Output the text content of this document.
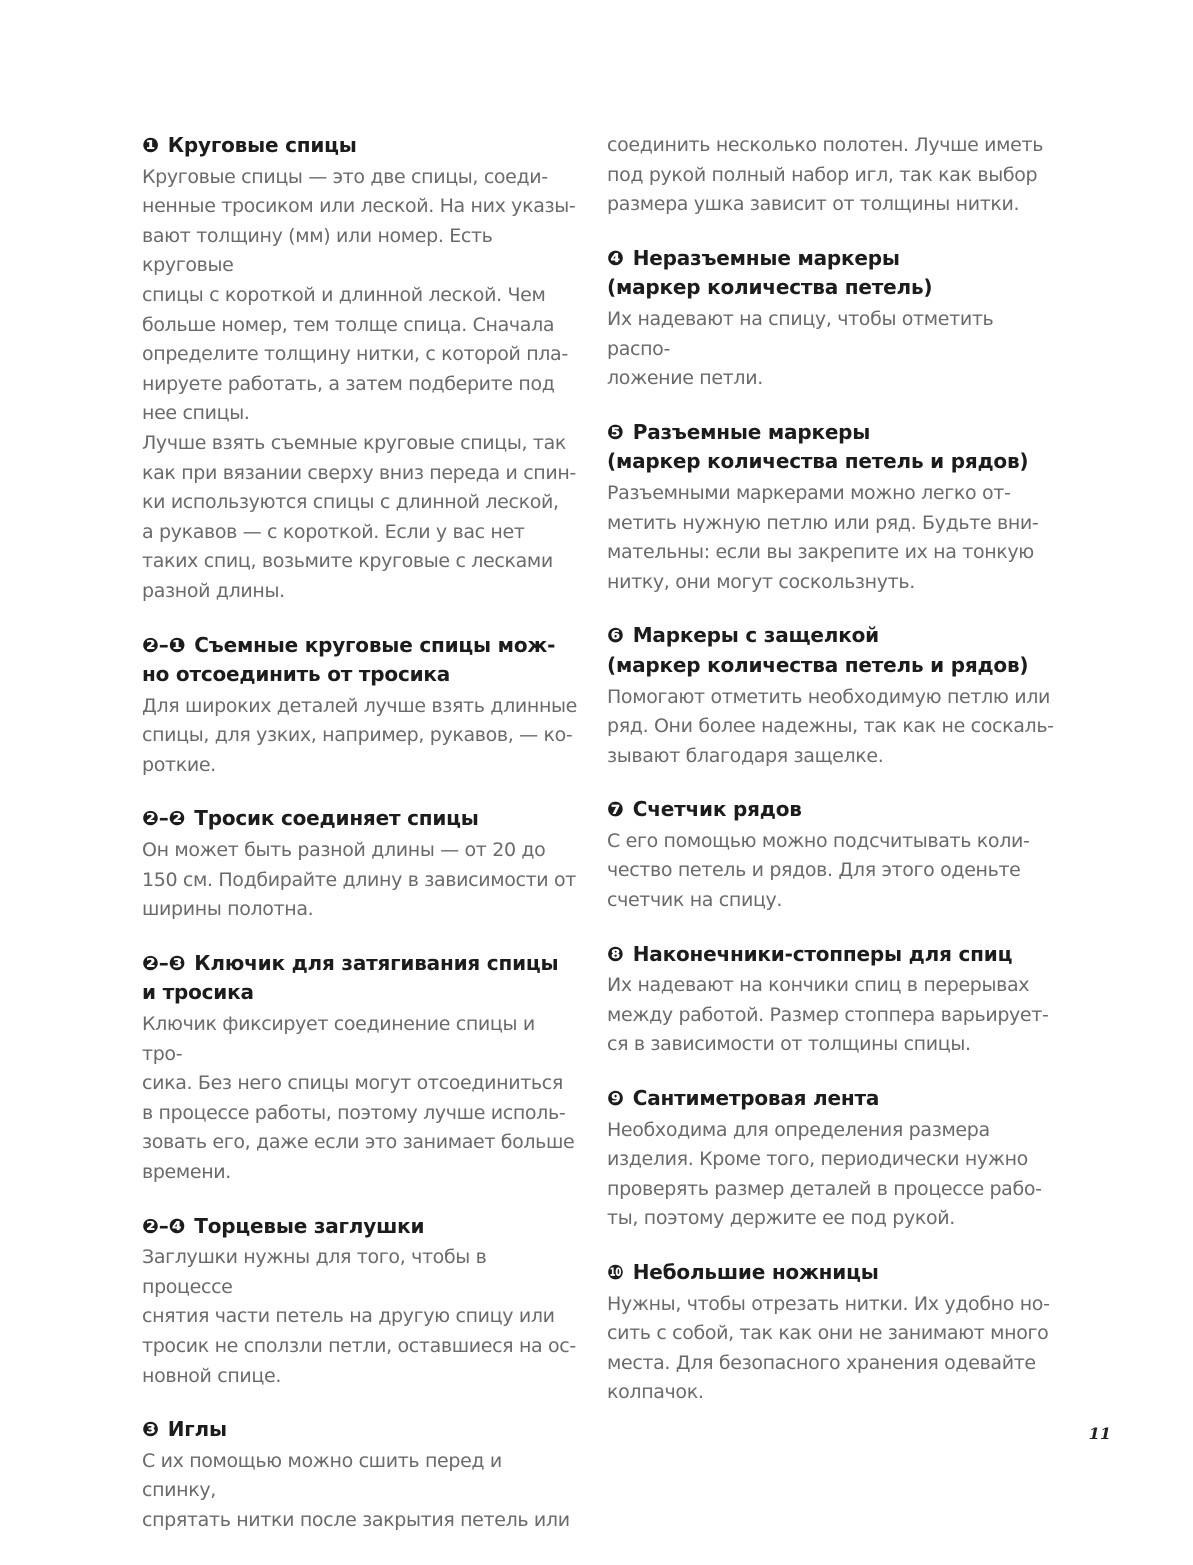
❶ Круговые спицы

Круговые спицы — это две спицы, соеди-

ненные тросиком или леской. На них указы-

вают толщину (мм) или номер. Есть круговые

спицы с короткой и длинной леской. Чем

больше номер, тем толще спица. Сначала

определите толщину нитки, с которой пла-

нируете работать, а затем подберите под

нее спицы.

Лучше взять съемные круговые спицы, так

как при вязании сверху вниз переда и спин-

ки используются спицы с длинной леской,

а рукавов — с короткой. Если у вас нет

таких спиц, возьмите круговые с лесками

разной длины.

❷–❶ Съемные круговые спицы мож-
но отсоединить от тросика

Для широких деталей лучше взять длинные

спицы, для узких, например, рукавов, — ко-

роткие.

❷–❷ Тросик соединяет спицы

Он может быть разной длины — от 20 до

150 см. Подбирайте длину в зависимости от

ширины полотна.

❷–❸ Ключик для затягивания спицы
и тросика

Ключик фиксирует соединение спицы и тро-

сика. Без него спицы могут отсоединиться

в процессе работы, поэтому лучше исполь-

зовать его, даже если это занимает больше

времени.

❷–❹ Торцевые заглушки

Заглушки нужны для того, чтобы в процессе

снятия части петель на другую спицу или

тросик не сползли петли, оставшиеся на ос-

новной спице.

❸ Иглы

С их помощью можно сшить перед и спинку,

спрятать нитки после закрытия петель или

соединить несколько полотен. Лучше иметь

под рукой полный набор игл, так как выбор

размера ушка зависит от толщины нитки.

❹ Неразъемные маркеры
(маркер количества петель)

Их надевают на спицу, чтобы отметить распо-

ложение петли.

❺ Разъемные маркеры
(маркер количества петель и рядов)

Разъемными маркерами можно легко от-

метить нужную петлю или ряд. Будьте вни-

мательны: если вы закрепите их на тонкую

нитку, они могут соскользнуть.

❻ Маркеры с защелкой
(маркер количества петель и рядов)

Помогают отметить необходимую петлю или

ряд. Они более надежны, так как не соскаль-

зывают благодаря защелке.

❼ Счетчик рядов

С его помощью можно подсчитывать коли-

чество петель и рядов. Для этого оденьте

счетчик на спицу.

❽ Наконечники-стопперы для спиц

Их надевают на кончики спиц в перерывах

между работой. Размер стоппера варьирует-

ся в зависимости от толщины спицы.

❾ Сантиметровая лента

Необходима для определения размера

изделия. Кроме того, периодически нужно

проверять размер деталей в процессе рабо-

ты, поэтому держите ее под рукой.

❿ Небольшие ножницы

Нужны, чтобы отрезать нитки. Их удобно но-

сить с собой, так как они не занимают много

места. Для безопасного хранения одевайте

колпачок.

11
